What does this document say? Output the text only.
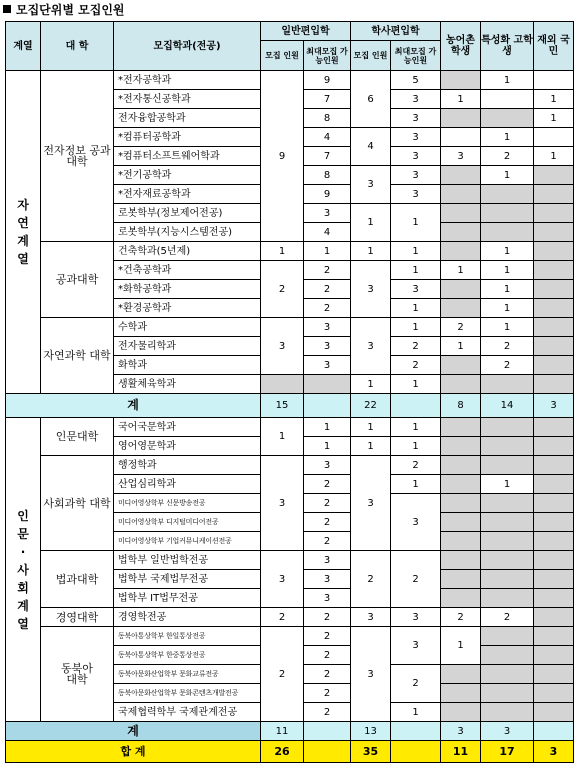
모집단위별 모집인원
계열	대 학	모집학과(전공)	일반편입학		학사편입학		농어촌 학생	특성화 고학생	재외 국민
			모집 인원	최대모집 가능인원	모집 인원	최대모집 가능인원			
자연계열	전자정보 공과대학	*전자공학과	9	9	6	5		1	
		*전자통신공학과		7		3	1		1
		전자융합공학과		8		3			1
		*컴퓨터공학과		4	4	3		1	
		*컴퓨터소프트웨어학과		7		3	3	2	1
		*전기공학과		8	3	3		1	
		*전자재료공학과		9		3			
		로봇학부(정보제어전공)		3	1	1			
		로봇학부(지능시스템전공)		4					
	공과대학	건축학과(5년제)	1	1	1	1		1	
		*건축공학과	2	2	3	1	1	1	
		*화학공학과		2		3		1	
		*환경공학과		2		1		1	
	자연과학 대학	수학과	3	3	3	1	2	1	
		전자물리학과		3		2	1	2	
		화학과		3		2		2	
		생활체육학과			1	1			
계			15		22		8	14	3
인문·사회계열	인문대학	국어국문학과	1	1	1	1			
		영어영문학과		1	1	1			
	사회과학 대학	행정학과	3	3	3	2			
		산업심리학과		2		1		1	
		미디어영상학부 신문방송전공		2		3			
		미디어영상학부 디지털미디어전공		2					
		미디어영상학부 기업커뮤니케이션전공		2					
	법과대학	법학부 일반법학전공	3	3	2	2			
		법학부 국제법무전공		3					
		법학부 IT법무전공		3					
	경영대학	경영학전공	2	2	3	3	2	2	
	동북아 대학	동북아통상학부 한일통상전공	2	2	3	3	1		
		동북아통상학부 한중통상전공		2					
		동북아문화산업학부 문화교류전공		2		2			
		동북아문화산업학부 문화콘텐츠개발전공		2					
		국제협력학부 국제관계전공		2		1			
계			11		13		3	3	
합 계			26		35		11	17	3
